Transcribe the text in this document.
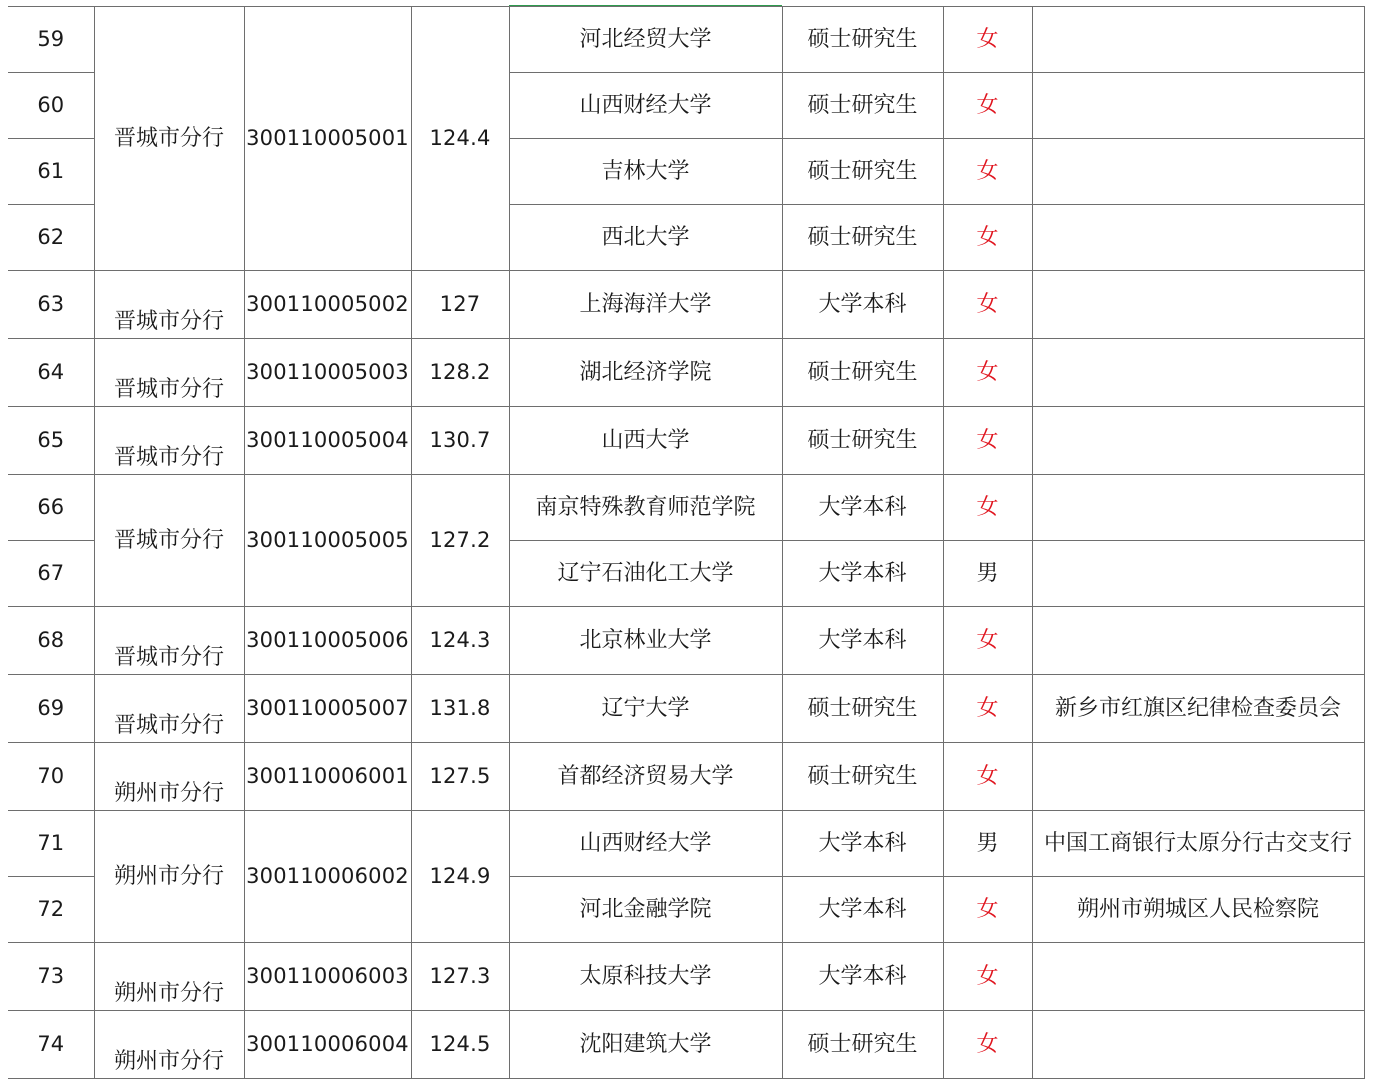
59	晋城市分行	300110005001	124.4	河北经贸大学	硕士研究生	女	
60				山西财经大学	硕士研究生	女	
61				吉林大学	硕士研究生	女	
62				西北大学	硕士研究生	女	
63	晋城市分行	300110005002	127	上海海洋大学	大学本科	女	
64	晋城市分行	300110005003	128.2	湖北经济学院	硕士研究生	女	
65	晋城市分行	300110005004	130.7	山西大学	硕士研究生	女	
66	晋城市分行	300110005005	127.2	南京特殊教育师范学院	大学本科	女	
67				辽宁石油化工大学	大学本科	男	
68	晋城市分行	300110005006	124.3	北京林业大学	大学本科	女	
69	晋城市分行	300110005007	131.8	辽宁大学	硕士研究生	女	新乡市红旗区纪律检查委员会
70	朔州市分行	300110006001	127.5	首都经济贸易大学	硕士研究生	女	
71	朔州市分行	300110006002	124.9	山西财经大学	大学本科	男	中国工商银行太原分行古交支行
72				河北金融学院	大学本科	女	朔州市朔城区人民检察院
73	朔州市分行	300110006003	127.3	太原科技大学	大学本科	女	
74	朔州市分行	300110006004	124.5	沈阳建筑大学	硕士研究生	女	
